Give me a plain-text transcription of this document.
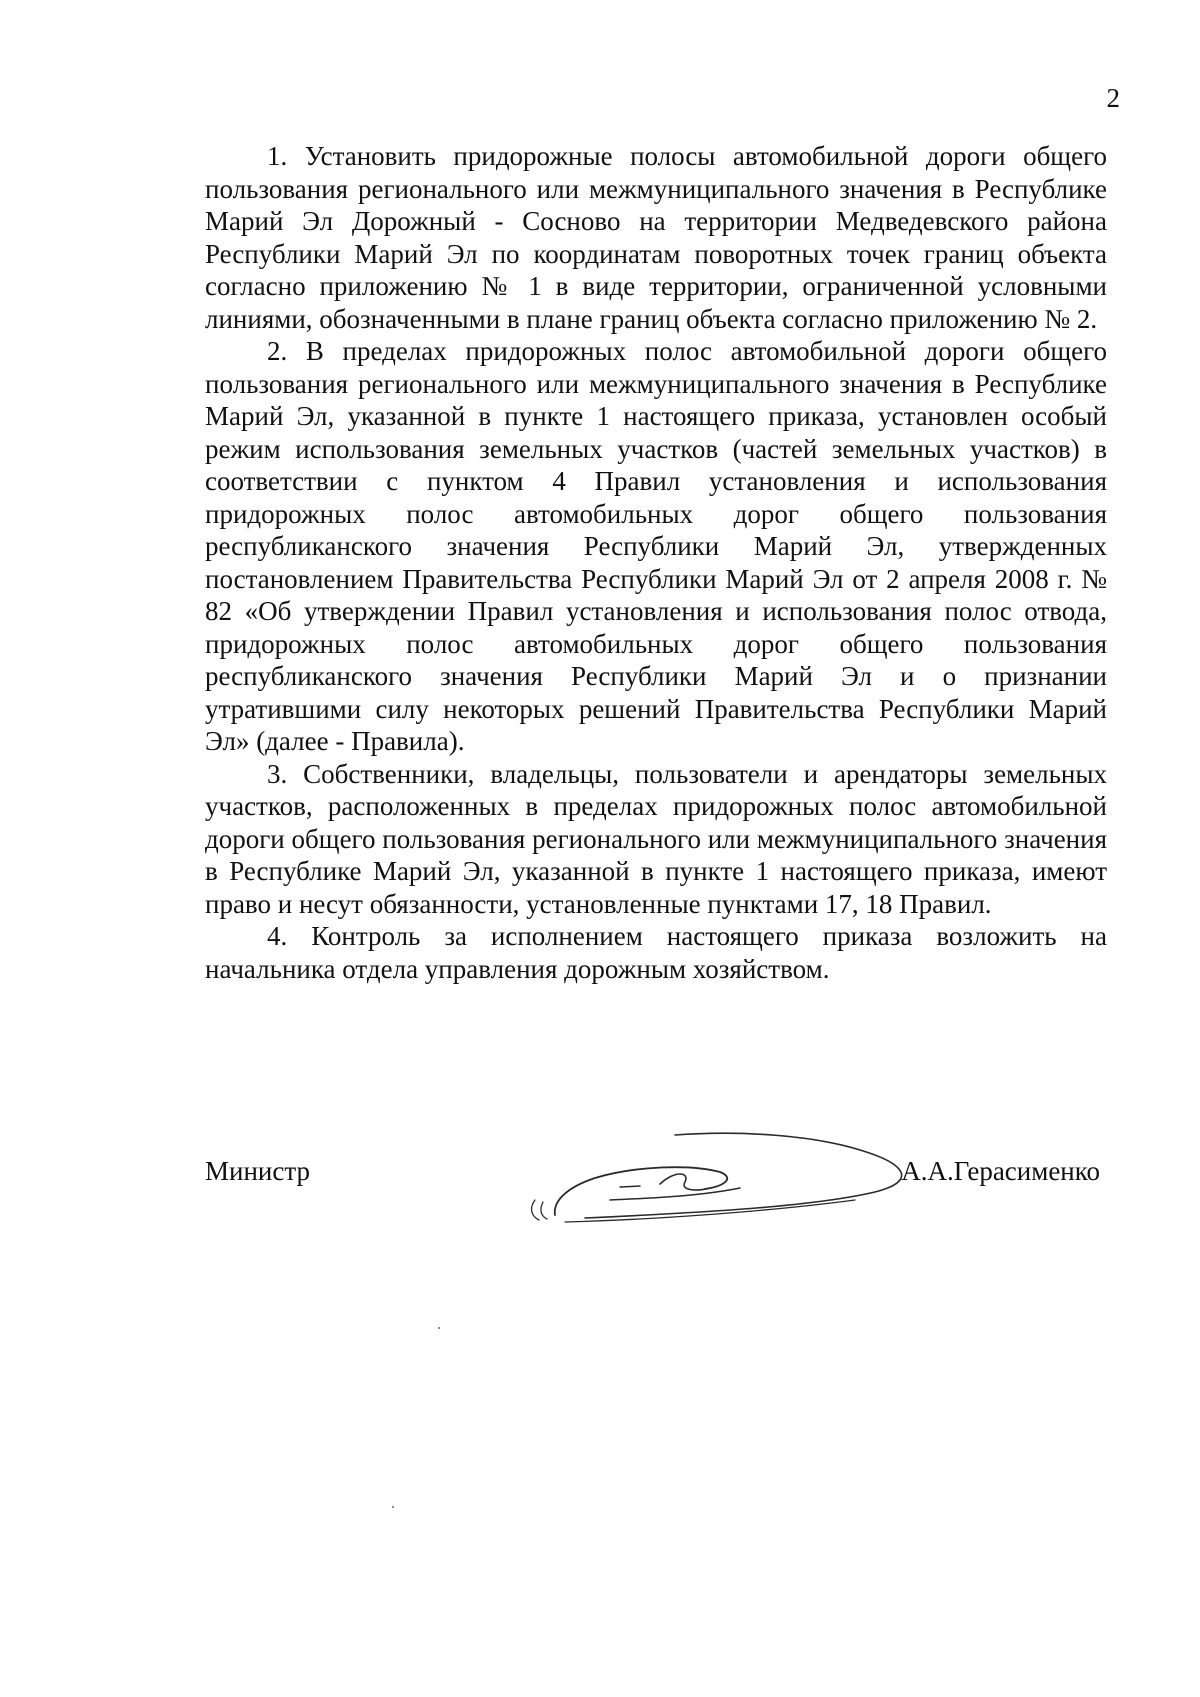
2

1. Установить придорожные полосы автомобильной дороги общего пользования регионального или межмуниципального значения в Республике Марий Эл Дорожный - Сосново на территории Медведевского района Республики Марий Эл по координатам поворотных точек границ объекта согласно приложению № 1 в виде территории, ограниченной условными линиями, обозначенными в плане границ объекта согласно приложению № 2.

2. В пределах придорожных полос автомобильной дороги общего пользования регионального или межмуниципального значения в Республике Марий Эл, указанной в пункте 1 настоящего приказа, установлен особый режим использования земельных участков (частей земельных участков) в соответствии с пунктом 4 Правил установления и использования придорожных полос автомобильных дорог общего пользования республиканского значения Республики Марий Эл, утвержденных постановлением Правительства Республики Марий Эл от 2 апреля 2008 г. № 82 «Об утверждении Правил установления и использования полос отвода, придорожных полос автомобильных дорог общего пользования республиканского значения Республики Марий Эл и о признании утратившими силу некоторых решений Правительства Республики Марий Эл» (далее - Правила).

3. Собственники, владельцы, пользователи и арендаторы земельных участков, расположенных в пределах придорожных полос автомобильной дороги общего пользования регионального или межмуниципального значения в Республике Марий Эл, указанной в пункте 1 настоящего приказа, имеют право и несут обязанности, установленные пунктами 17, 18 Правил.

4. Контроль за исполнением настоящего приказа возложить на начальника отдела управления дорожным хозяйством.

Министр	А.А.Герасименко
